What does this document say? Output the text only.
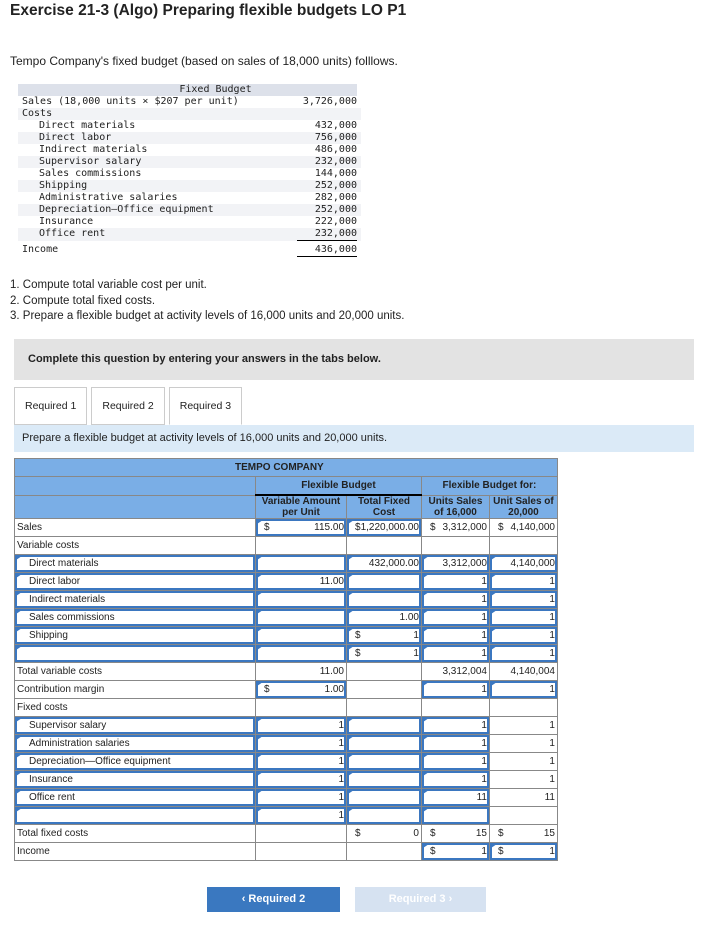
Exercise 21-3 (Algo) Preparing flexible budgets LO P1
Tempo Company's fixed budget (based on sales of 18,000 units) folllows.
Fixed Budget
Sales (18,000 units × $207 per unit)	3,726,000
Costs
Direct materials	432,000
Direct labor	756,000
Indirect materials	486,000
Supervisor salary	232,000
Sales commissions	144,000
Shipping	252,000
Administrative salaries	282,000
Depreciation—Office equipment	252,000
Insurance	222,000
Office rent	232,000
Income	436,000
1. Compute total variable cost per unit.
2. Compute total fixed costs.
3. Prepare a flexible budget at activity levels of 16,000 units and 20,000 units.
Complete this question by entering your answers in the tabs below.
Required 1	Required 2	Required 3
Prepare a flexible budget at activity levels of 16,000 units and 20,000 units.
TEMPO COMPANY				
	Flexible Budget		Flexible Budget for:	
	Variable Amount per Unit	Total Fixed Cost	Units Sales of 16,000	Unit Sales of 20,000
Sales	$ 115.00	$ 1,220,000.00	$ 3,312,000	$ 4,140,000

Variable costs	

Direct materials		432,000.00	3,312,000	4,140,000

Direct labor	11.00		1	1

Indirect materials			1	1

Sales commissions		1.00	1	1

Shipping		$ 1	1	1

		$ 1	1	1

Total variable costs	11.00		3,312,004	4,140,004

Contribution margin	$ 1.00		1	1

Fixed costs	

Supervisor salary	1		1	1

Administration salaries	1		1	1

Depreciation—Office equipment	1		1	1

Insurance	1		1	1

Office rent	1		11	11

	1			

Total fixed costs		$ 0	$ 15	$ 15

Income			$ 1	$ 1
‹ Required 2	Required 3 ›
